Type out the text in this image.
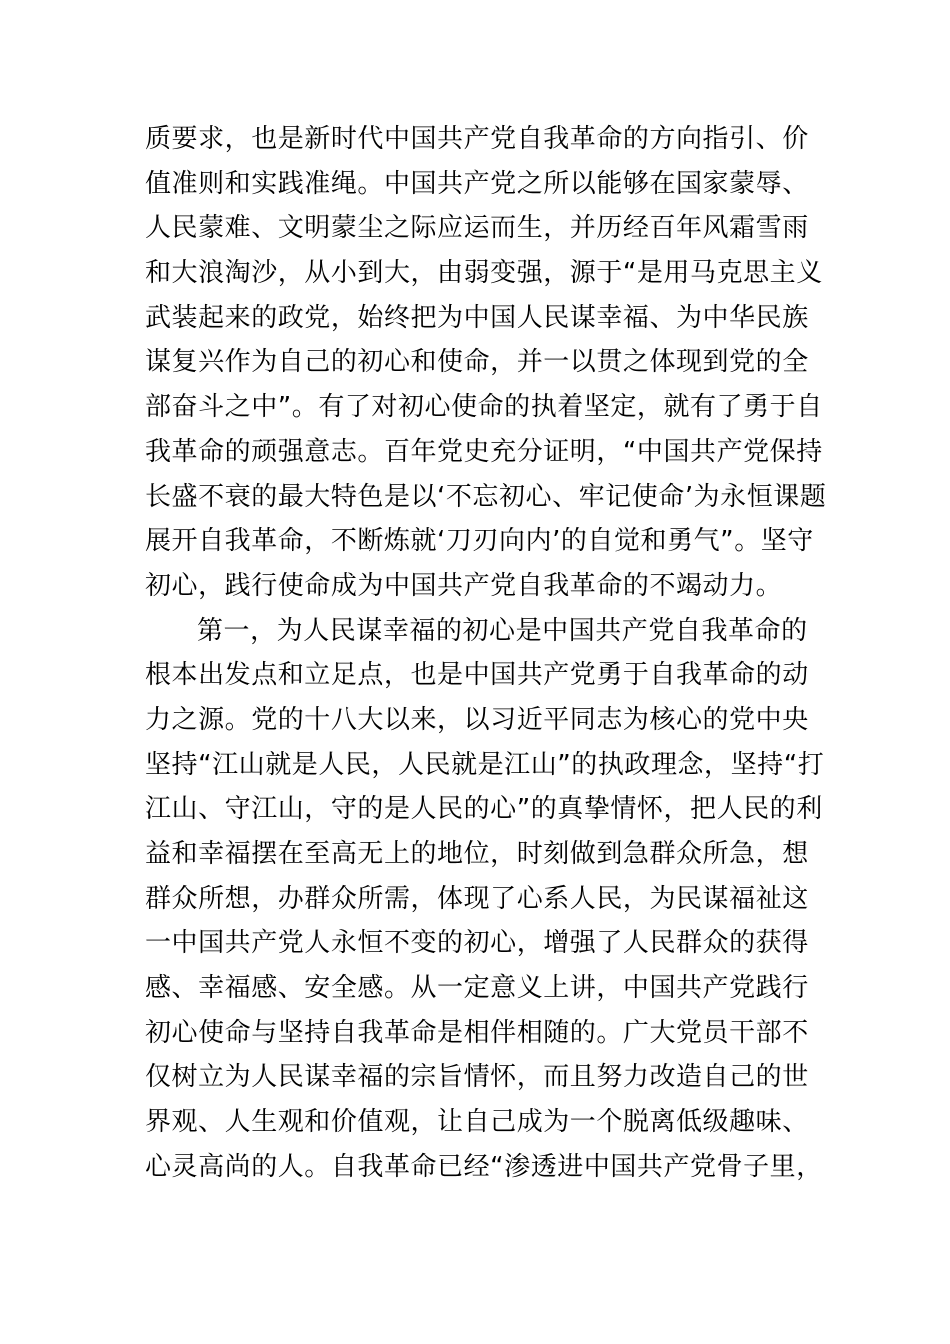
质要求，也是新时代中国共产党自我革命的方向指引、价
值准则和实践准绳。中国共产党之所以能够在国家蒙辱、
人民蒙难、文明蒙尘之际应运而生，并历经百年风霜雪雨
和大浪淘沙，从小到大，由弱变强，源于“是用马克思主义
武装起来的政党，始终把为中国人民谋幸福、为中华民族
谋复兴作为自己的初心和使命，并一以贯之体现到党的全
部奋斗之中”。有了对初心使命的执着坚定，就有了勇于自
我革命的顽强意志。百年党史充分证明，“中国共产党保持
长盛不衰的最大特色是以‘不忘初心、牢记使命’为永恒课题
展开自我革命，不断炼就‘刀刃向内’的自觉和勇气”。坚守
初心，践行使命成为中国共产党自我革命的不竭动力。
第一，为人民谋幸福的初心是中国共产党自我革命的
根本出发点和立足点，也是中国共产党勇于自我革命的动
力之源。党的十八大以来，以习近平同志为核心的党中央
坚持“江山就是人民，人民就是江山”的执政理念，坚持“打
江山、守江山，守的是人民的心”的真挚情怀，把人民的利
益和幸福摆在至高无上的地位，时刻做到急群众所急，想
群众所想，办群众所需，体现了心系人民，为民谋福祉这
一中国共产党人永恒不变的初心，增强了人民群众的获得
感、幸福感、安全感。从一定意义上讲，中国共产党践行
初心使命与坚持自我革命是相伴相随的。广大党员干部不
仅树立为人民谋幸福的宗旨情怀，而且努力改造自己的世
界观、人生观和价值观，让自己成为一个脱离低级趣味、
心灵高尚的人。自我革命已经“渗透进中国共产党骨子里，
